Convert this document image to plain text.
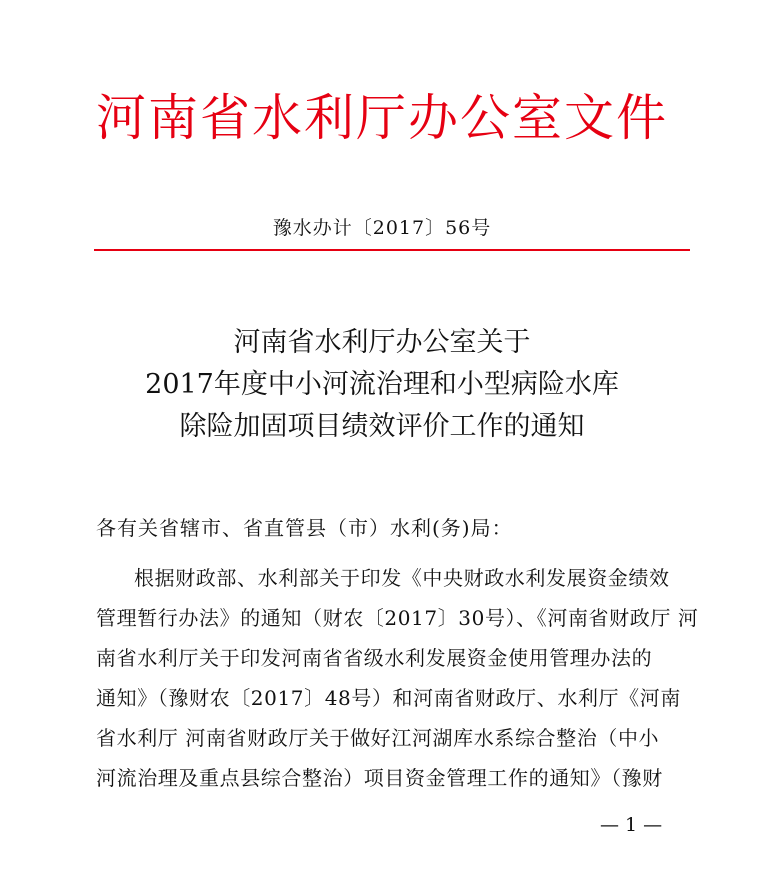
河南省水利厅办公室文件
豫水办计〔2017〕56号
河南省水利厅办公室关于
2017年度中小河流治理和小型病险水库
除险加固项目绩效评价工作的通知
各有关省辖市、省直管县（市）水利(务)局：
根据财政部、水利部关于印发《中央财政水利发展资金绩效
管理暂行办法》的通知（财农〔2017〕30号）、《河南省财政厅 河
南省水利厅关于印发河南省省级水利发展资金使用管理办法的
通知》（豫财农〔2017〕48号）和河南省财政厅、水利厅《河南
省水利厅 河南省财政厅关于做好江河湖库水系综合整治（中小
河流治理及重点县综合整治）项目资金管理工作的通知》（豫财
— 1 —
